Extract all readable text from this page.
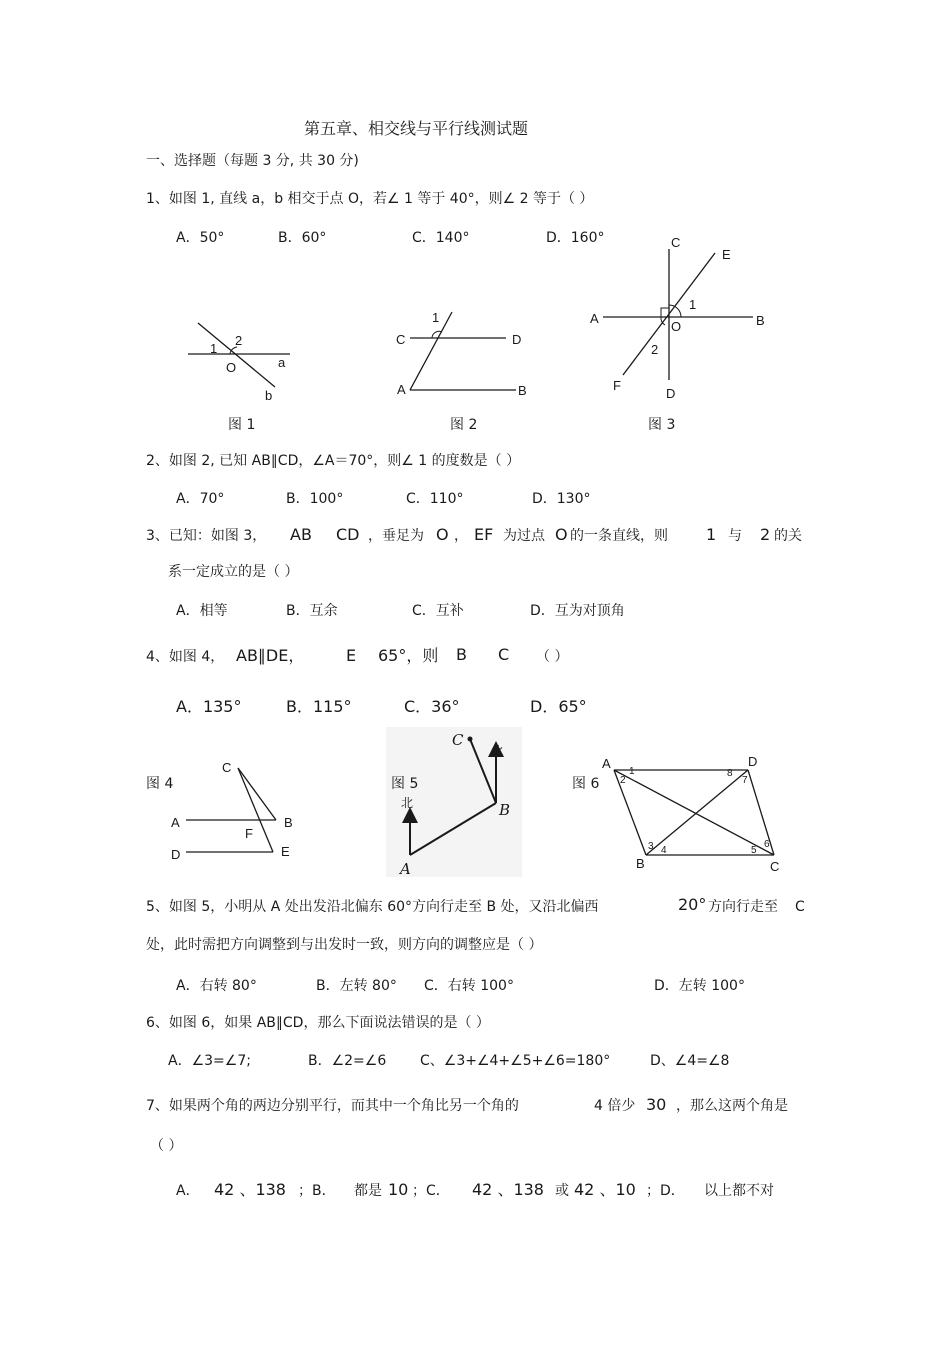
第五章、相交线与平行线测试题
一、选择题（每题 3 分, 共 30 分)
1、如图 1, 直线 a，b 相交于点 O，若∠ 1 等于 40°，则∠ 2 等于（ ）
A．50°	B．60°	C．140°	D．160°
1
2
O	a
b
图 1
1
C	D
A	B
图 2
C
E
A
1
O	B
2
F
D
图 3
2、如图 2, 已知 AB∥CD，∠A＝70°，则∠ 1 的度数是（ ）
A．70°	B．100°	C．110°	D．130°
3、已知：如图 3， AB CD ，垂足为 O ， EF 为过点 O 的一条直线，则 1 与 2 的关
系一定成立的是（ ）
A．相等	B．互余	C．互补	D．互为对顶角
4、如图 4， AB∥DE，	E 65°，则 B C （ ）
A．135°	B．115°	C．36°	D．65°
图 4
C
A	B
F
D	E
图 5
C
北
北	B
A
图 6
A	D
1	8
2	7
3 4	5
6
B	C
5、如图 5，小明从 A 处出发沿北偏东 60°方向行走至 B 处，又沿北偏西	20° 方向行走至 C
处，此时需把方向调整到与出发时一致，则方向的调整应是（ ）
A．右转 80°	B．左转 80° C．右转 100°	D．左转 100°
6、如图 6，如果 AB∥CD，那么下面说法错误的是（ ）
A．∠3=∠7;	B．∠2=∠6 C、∠3+∠4+∠5+∠6=180°	D、∠4=∠8
7、如果两个角的两边分别平行，而其中一个角比另一个角的	4 倍少 30 ，那么这两个角是
（ ）
A． 42 、138 ；B． 都是 10 ；C． 42 、138 或 42 、10 ；D． 以上都不对
